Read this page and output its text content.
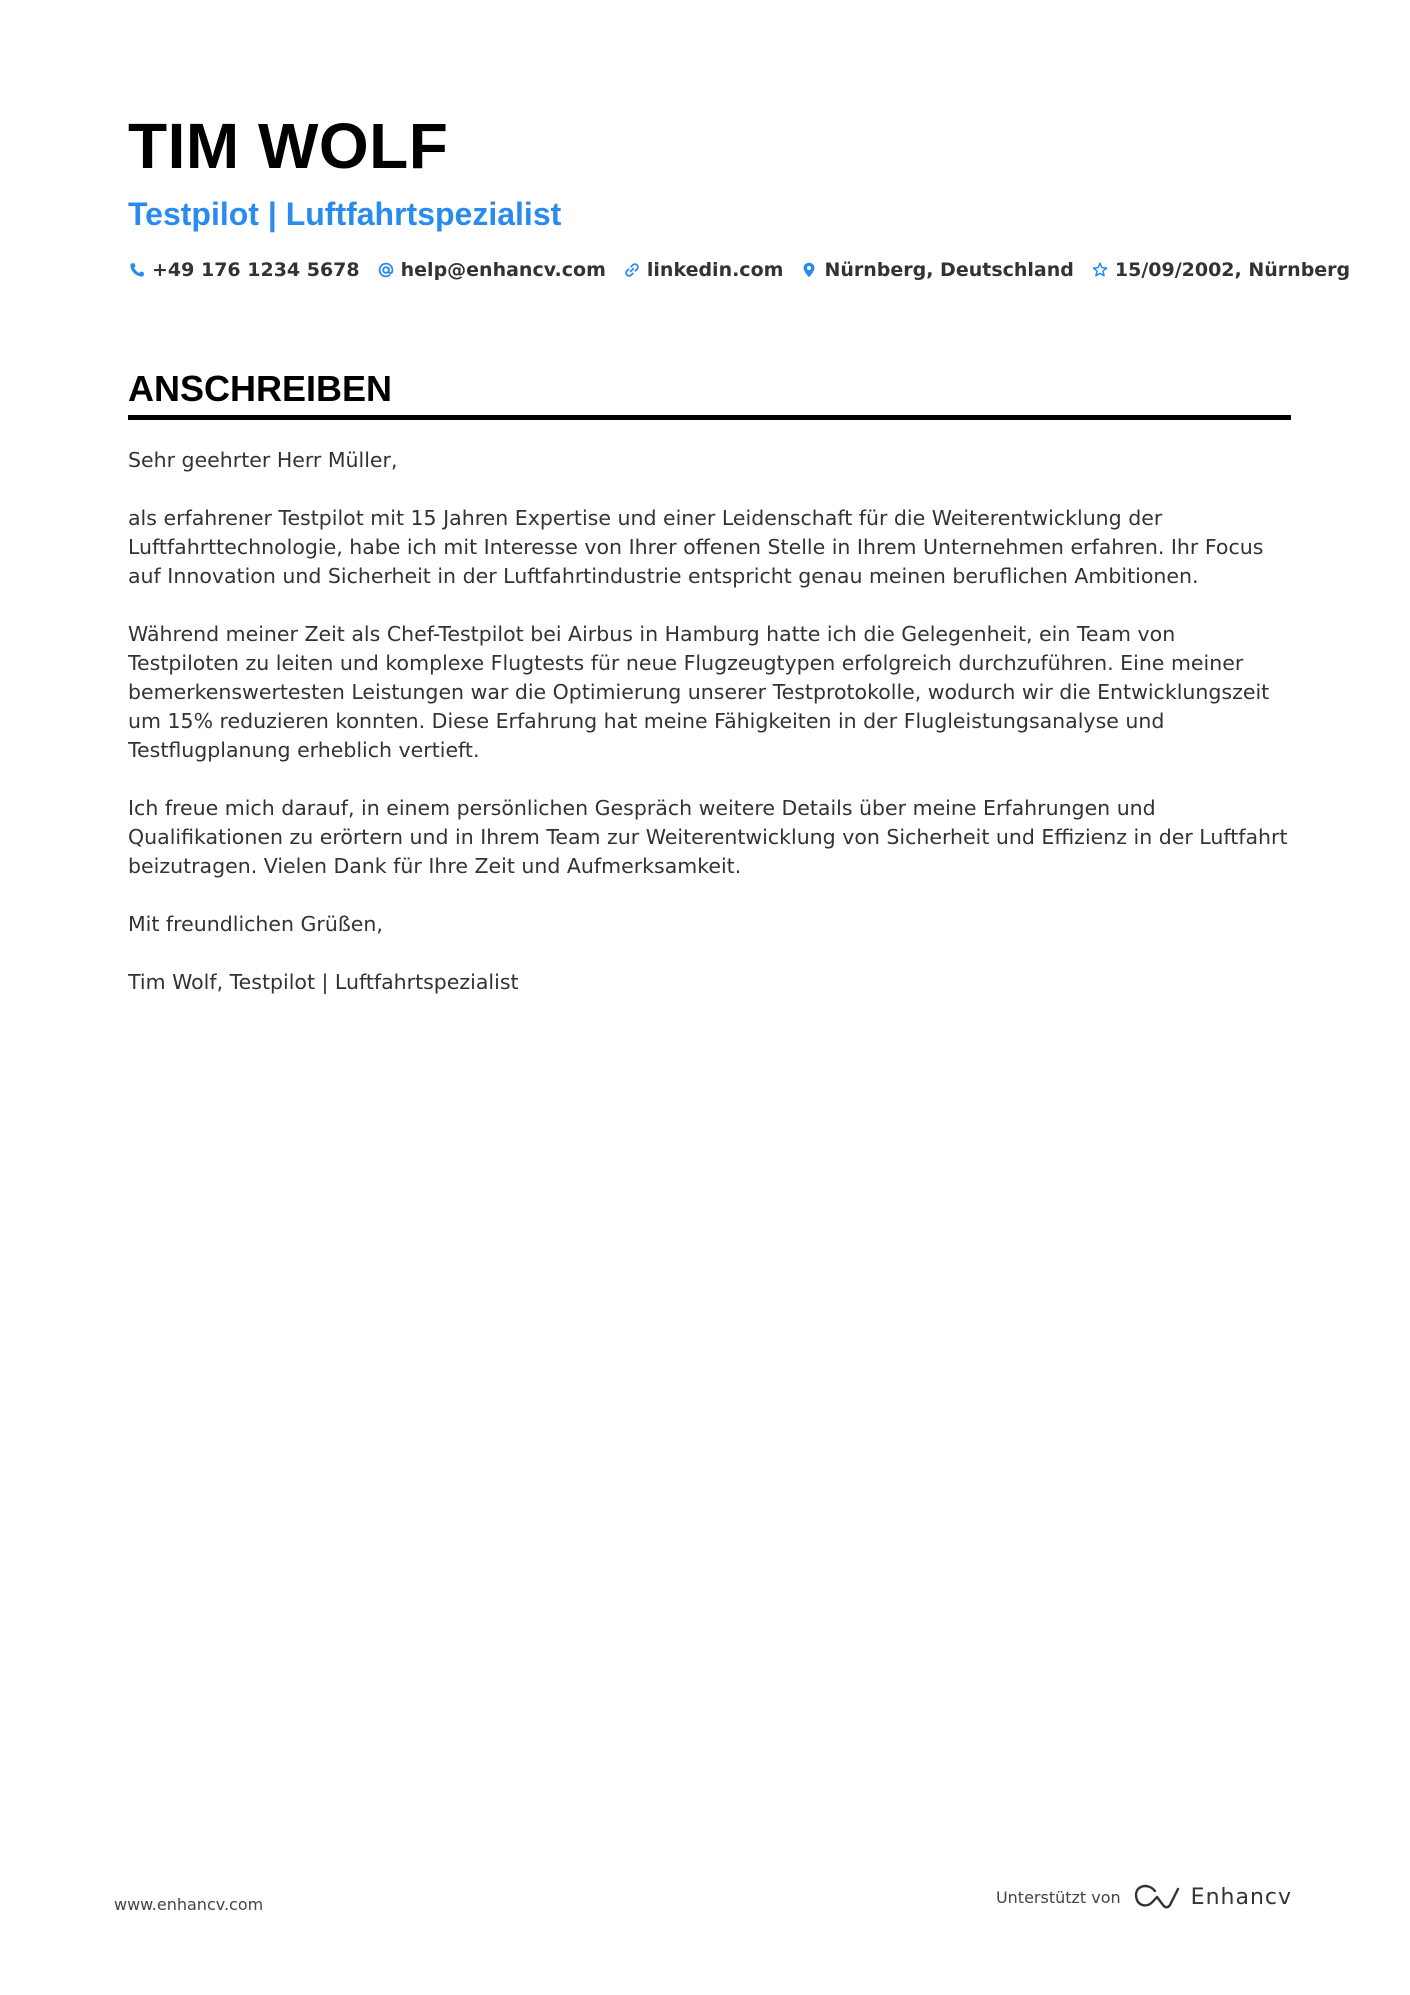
TIM WOLF
Testpilot | Luftfahrtspezialist
+49 176 1234 5678 help@enhancv.com linkedin.com Nürnberg, Deutschland 15/09/2002, Nürnberg
ANSCHREIBEN

Sehr geehrter Herr Müller,

als erfahrener Testpilot mit 15 Jahren Expertise und einer Leidenschaft für die Weiterentwicklung der Luftfahrttechnologie, habe ich mit Interesse von Ihrer offenen Stelle in Ihrem Unternehmen erfahren. Ihr Focus auf Innovation und Sicherheit in der Luftfahrtindustrie entspricht genau meinen beruflichen Ambitionen.

Während meiner Zeit als Chef-Testpilot bei Airbus in Hamburg hatte ich die Gelegenheit, ein Team von Testpiloten zu leiten und komplexe Flugtests für neue Flugzeugtypen erfolgreich durchzuführen. Eine meiner bemerkenswertesten Leistungen war die Optimierung unserer Testprotokolle, wodurch wir die Entwicklungszeit um 15% reduzieren konnten. Diese Erfahrung hat meine Fähigkeiten in der Flugleistungsanalyse und Testflugplanung erheblich vertieft.

Ich freue mich darauf, in einem persönlichen Gespräch weitere Details über meine Erfahrungen und Qualifikationen zu erörtern und in Ihrem Team zur Weiterentwicklung von Sicherheit und Effizienz in der Luftfahrt beizutragen. Vielen Dank für Ihre Zeit und Aufmerksamkeit.

Mit freundlichen Grüßen,

Tim Wolf, Testpilot | Luftfahrtspezialist

www.enhancv.com	Unterstützt von	Enhancv
